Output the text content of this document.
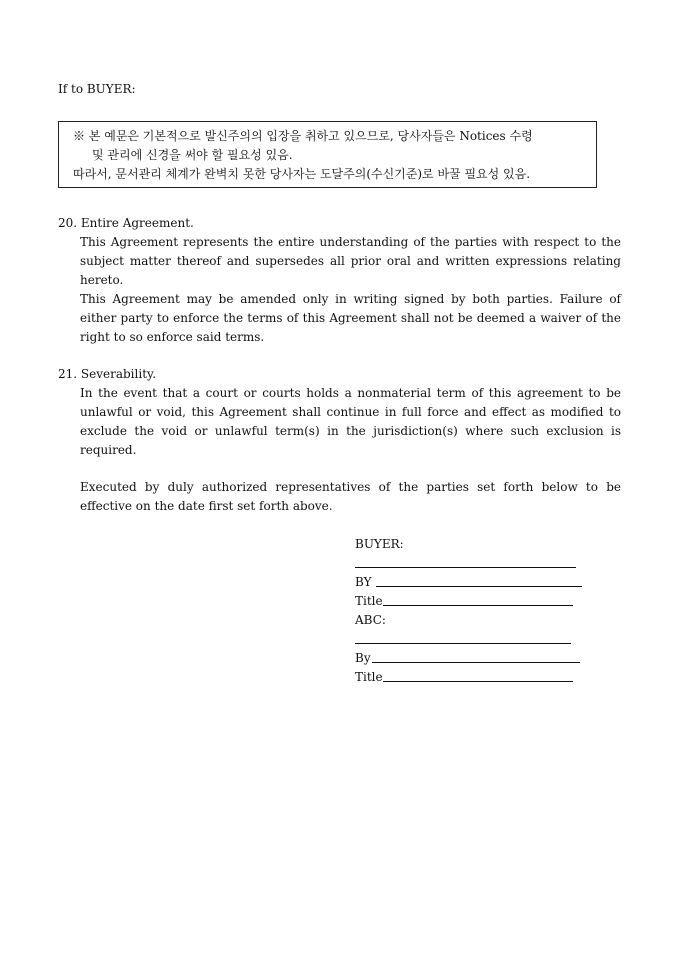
If to BUYER:
※ 본 예문은 기본적으로 발신주의의 입장을 취하고 있으므로, 당사자들은 Notices 수령
및 관리에 신경을 써야 할 필요성 있음.
따라서, 문서관리 체계가 완벽치 못한 당사자는 도달주의(수신기준)로 바꿀 필요성 있음.
20. Entire Agreement.
This Agreement represents the entire understanding of the parties with respect to the subject matter thereof and supersedes all prior oral and written expressions relating hereto.
This Agreement may be amended only in writing signed by both parties. Failure of either party to enforce the terms of this Agreement shall not be deemed a waiver of the right to so enforce said terms.
21. Severability.
In the event that a court or courts holds a nonmaterial term of this agreement to be unlawful or void, this Agreement shall continue in full force and effect as modified to exclude the void or unlawful term(s) in the jurisdiction(s) where such exclusion is required.
Executed by duly authorized representatives of the parties set forth below to be effective on the date first set forth above.
BUYER:
BY
Title
ABC:
By
Title
